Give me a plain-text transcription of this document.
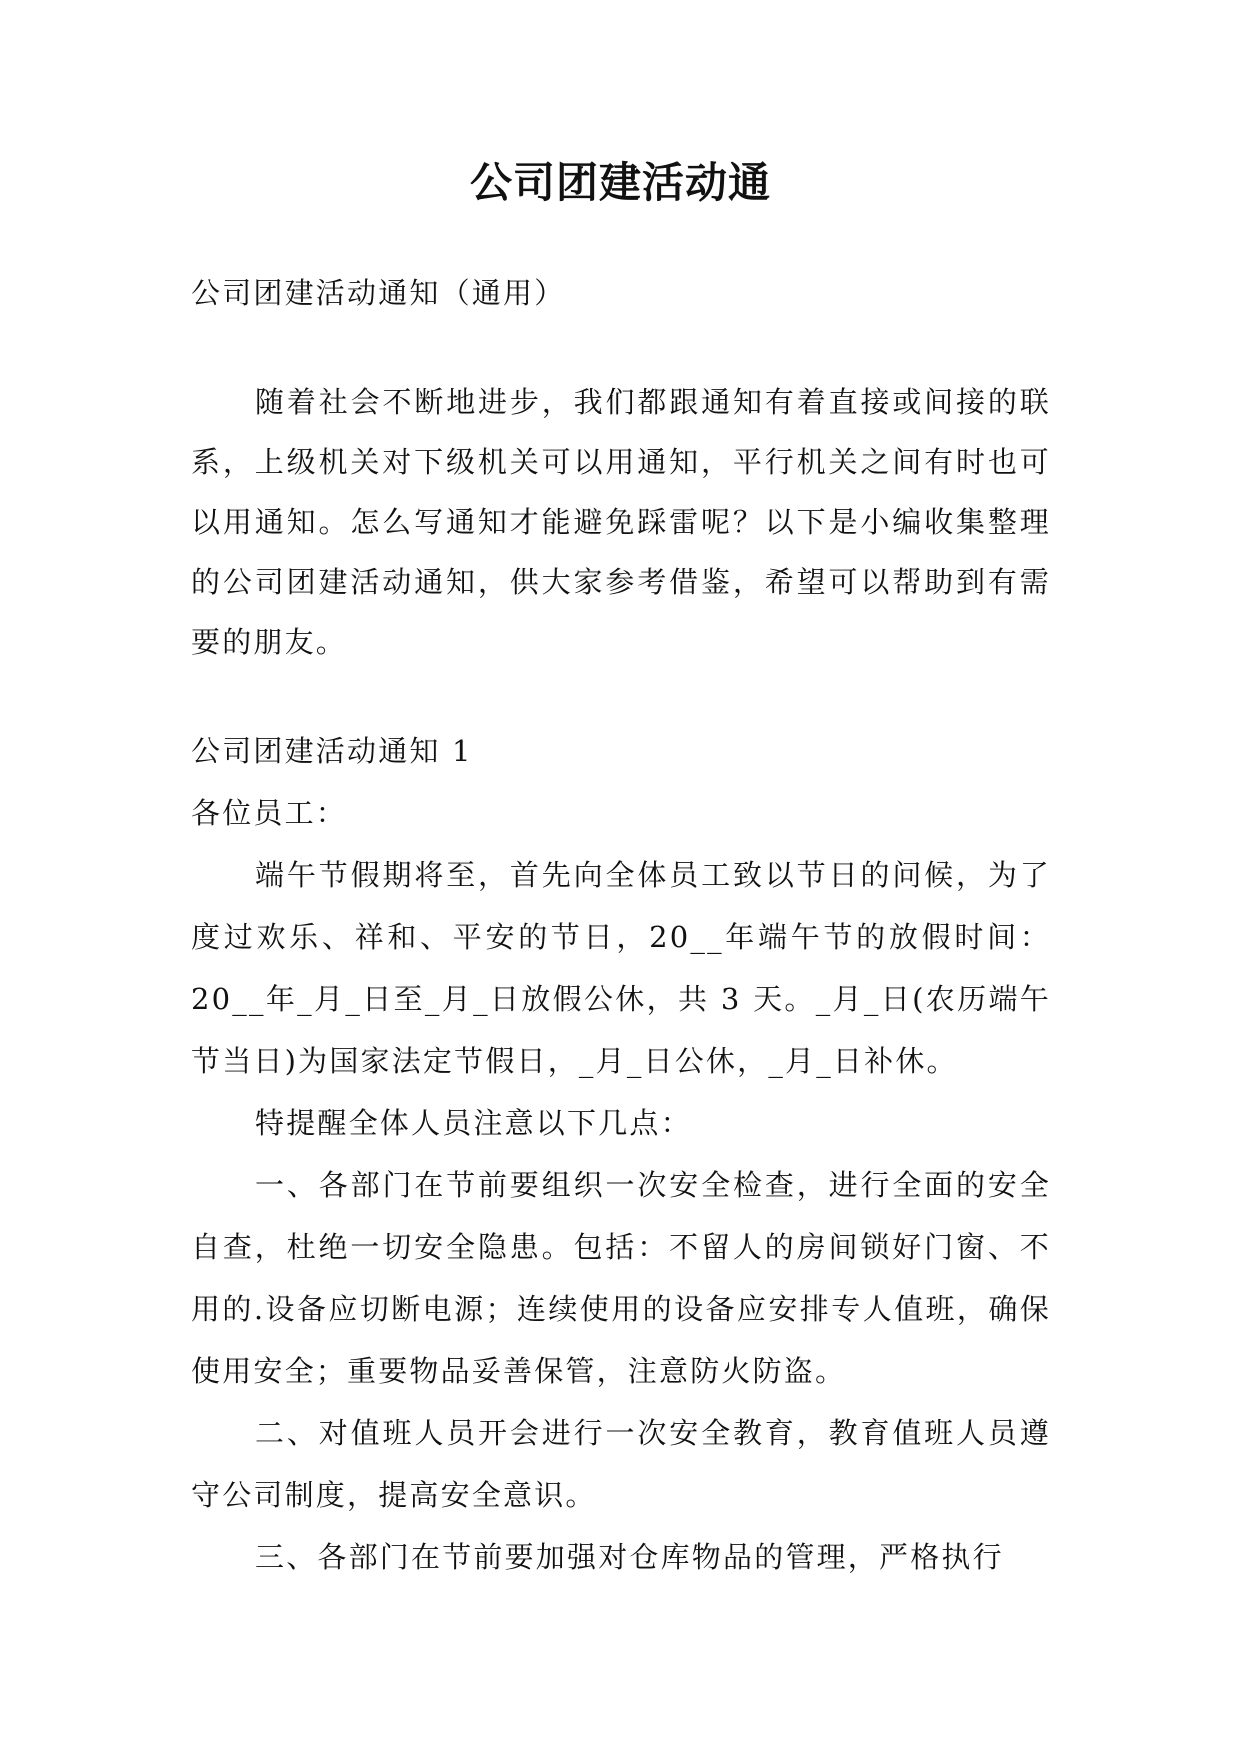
公司团建活动通

公司团建活动通知（通用）

随着社会不断地进步，我们都跟通知有着直接或间接的联系，上级机关对下级机关可以用通知，平行机关之间有时也可以用通知。怎么写通知才能避免踩雷呢？以下是小编收集整理的公司团建活动通知，供大家参考借鉴，希望可以帮助到有需要的朋友。

公司团建活动通知 1

各位员工：

端午节假期将至，首先向全体员工致以节日的问候，为了度过欢乐、祥和、平安的节日，20__年端午节的放假时间：20__年_月_日至_月_日放假公休，共 3 天。_月_日(农历端午节当日)为国家法定节假日，_月_日公休，_月_日补休。

特提醒全体人员注意以下几点：

一、各部门在节前要组织一次安全检查，进行全面的安全自查，杜绝一切安全隐患。包括：不留人的房间锁好门窗、不用的.设备应切断电源；连续使用的设备应安排专人值班，确保使用安全；重要物品妥善保管，注意防火防盗。

二、对值班人员开会进行一次安全教育，教育值班人员遵守公司制度，提高安全意识。

三、各部门在节前要加强对仓库物品的管理，严格执行
